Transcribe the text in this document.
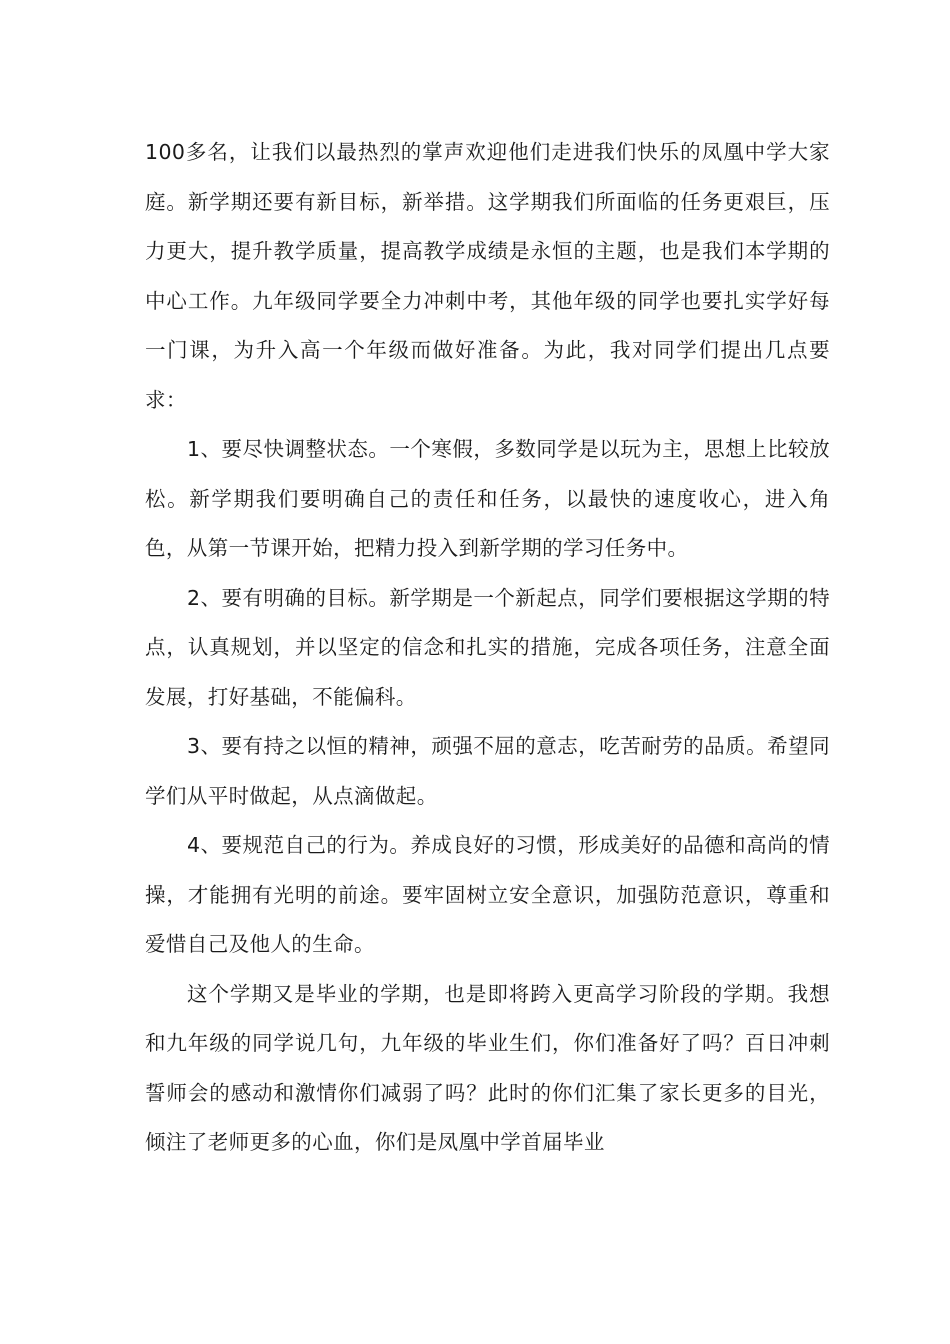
100多名，让我们以最热烈的掌声欢迎他们走进我们快乐的凤凰中学大家庭。新学期还要有新目标，新举措。这学期我们所面临的任务更艰巨，压力更大，提升教学质量，提高教学成绩是永恒的主题，也是我们本学期的中心工作。九年级同学要全力冲刺中考，其他年级的同学也要扎实学好每一门课，为升入高一个年级而做好准备。为此，我对同学们提出几点要求：

1、要尽快调整状态。一个寒假，多数同学是以玩为主，思想上比较放松。新学期我们要明确自己的责任和任务，以最快的速度收心，进入角色，从第一节课开始，把精力投入到新学期的学习任务中。

2、要有明确的目标。新学期是一个新起点，同学们要根据这学期的特点，认真规划，并以坚定的信念和扎实的措施，完成各项任务，注意全面发展，打好基础，不能偏科。

3、要有持之以恒的精神，顽强不屈的意志，吃苦耐劳的品质。希望同学们从平时做起，从点滴做起。

4、要规范自己的行为。养成良好的习惯，形成美好的品德和高尚的情操，才能拥有光明的前途。要牢固树立安全意识，加强防范意识，尊重和爱惜自己及他人的生命。

这个学期又是毕业的学期，也是即将跨入更高学习阶段的学期。我想和九年级的同学说几句，九年级的毕业生们，你们准备好了吗？百日冲刺誓师会的感动和激情你们减弱了吗？此时的你们汇集了家长更多的目光，倾注了老师更多的心血，你们是凤凰中学首届毕业
